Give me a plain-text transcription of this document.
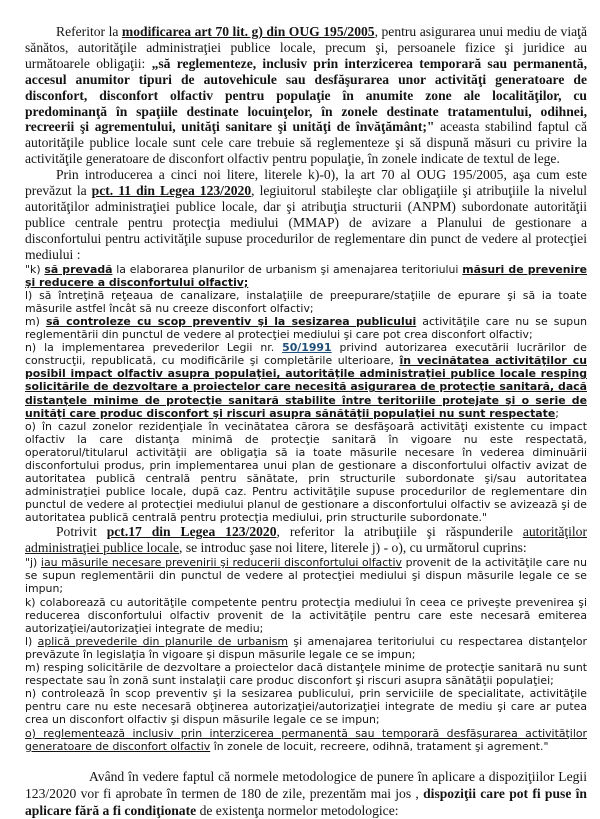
Referitor la modificarea art 70 lit. g) din OUG 195/2005, pentru asigurarea unui mediu de viaţă sănătos, autorităţile administraţiei publice locale, precum şi, persoanele fizice şi juridice au următoarele obligaţii: „să reglementeze, inclusiv prin interzicerea temporară sau permanentă, accesul anumitor tipuri de autovehicule sau desfăşurarea unor activităţi generatoare de disconfort, disconfort olfactiv pentru populaţie în anumite zone ale localităţilor, cu predominanţă în spaţiile destinate locuinţelor, în zonele destinate tratamentului, odihnei, recreerii şi agrementului, unităţi sanitare şi unităţi de învăţământ;" aceasta stabilind faptul că autorităţile publice locale sunt cele care trebuie să reglementeze şi să dispună măsuri cu privire la activităţile generatoare de disconfort olfactiv pentru populaţie, în zonele indicate de textul de lege.

Prin introducerea a cinci noi litere, literele k)-0), la art 70 al OUG 195/2005, aşa cum este prevăzut la pct. 11 din Legea 123/2020, legiuitorul stabileşte clar obligaţiile şi atribuţiile la nivelul autorităţilor administraţiei publice locale, dar şi atribuţia structurii (ANPM) subordonate autorităţii publice centrale pentru protecţia mediului (MMAP) de avizare a Planului de gestionare a disconfortului pentru activităţile supuse procedurilor de reglementare din punct de vedere al protecţiei mediului :

"k) să prevadă la elaborarea planurilor de urbanism şi amenajarea teritoriului măsuri de prevenire şi reducere a disconfortului olfactiv;

l) să întreţină reţeaua de canalizare, instalaţiile de preepurare/staţiile de epurare şi să ia toate măsurile astfel încât să nu creeze disconfort olfactiv;

m) să controleze cu scop preventiv şi la sesizarea publicului activităţile care nu se supun reglementării din punctul de vedere al protecţiei mediului şi care pot crea disconfort olfactiv;

n) la implementarea prevederilor Legii nr. 50/1991 privind autorizarea executării lucrărilor de construcţii, republicată, cu modificările şi completările ulterioare, în vecinătatea activităţilor cu posibil impact olfactiv asupra populaţiei, autorităţile administraţiei publice locale resping solicitările de dezvoltare a proiectelor care necesită asigurarea de protecţie sanitară, dacă distanţele minime de protecţie sanitară stabilite între teritoriile protejate şi o serie de unităţi care produc disconfort şi riscuri asupra sănătăţii populaţiei nu sunt respectate;

o) în cazul zonelor rezidenţiale în vecinătatea cărora se desfăşoară activităţi existente cu impact olfactiv la care distanţa minimă de protecţie sanitară în vigoare nu este respectată, operatorul/titularul activităţii are obligaţia să ia toate măsurile necesare în vederea diminuării disconfortului produs, prin implementarea unui plan de gestionare a disconfortului olfactiv avizat de autoritatea publică centrală pentru sănătate, prin structurile subordonate şi/sau autoritatea administraţiei publice locale, după caz. Pentru activităţile supuse procedurilor de reglementare din punctul de vedere al protecţiei mediului planul de gestionare a disconfortului olfactiv se avizează şi de autoritatea publică centrală pentru protecţia mediului, prin structurile subordonate."

Potrivit pct.17 din Legea 123/2020, referitor la atribuţiile şi răspunderile autorităţilor administraţiei publice locale, se introduc şase noi litere, literele j) - o), cu următorul cuprins:

"j) iau măsurile necesare prevenirii şi reducerii disconfortului olfactiv provenit de la activităţile care nu se supun reglementării din punctul de vedere al protecţiei mediului şi dispun măsurile legale ce se impun;

k) colaborează cu autorităţile competente pentru protecţia mediului în ceea ce priveşte prevenirea şi reducerea disconfortului olfactiv provenit de la activităţile pentru care este necesară emiterea autorizaţiei/autorizaţiei integrate de mediu;

l) aplică prevederile din planurile de urbanism şi amenajarea teritoriului cu respectarea distanţelor prevăzute în legislaţia în vigoare şi dispun măsurile legale ce se impun;

m) resping solicitările de dezvoltare a proiectelor dacă distanţele minime de protecţie sanitară nu sunt respectate sau în zonă sunt instalaţii care produc disconfort şi riscuri asupra sănătăţii populaţiei;

n) controlează în scop preventiv şi la sesizarea publicului, prin serviciile de specialitate, activităţile pentru care nu este necesară obţinerea autorizaţiei/autorizaţiei integrate de mediu şi care ar putea crea un disconfort olfactiv şi dispun măsurile legale ce se impun;

o) reglementează inclusiv prin interzicerea permanentă sau temporară desfăşurarea activităţilor generatoare de disconfort olfactiv în zonele de locuit, recreere, odihnă, tratament şi agrement."

Având în vedere faptul că normele metodologice de punere în aplicare a dispoziţiilor Legii 123/2020 vor fi aprobate în termen de 180 de zile, prezentăm mai jos , dispoziţii care pot fi puse în aplicare fără a fi condiţionate de existenţa normelor metodologice:
